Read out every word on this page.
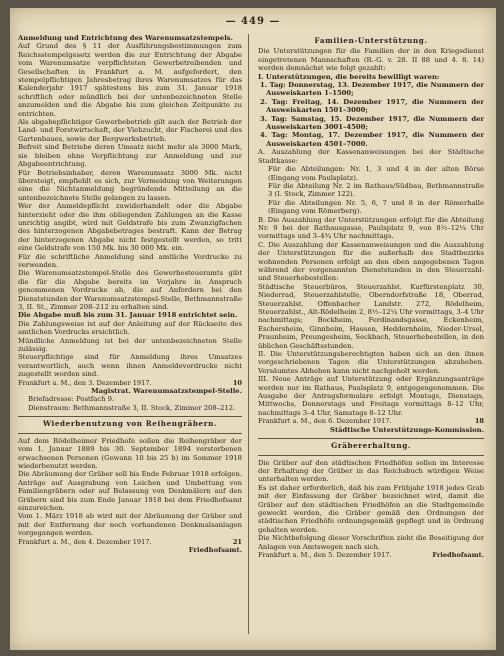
— 449 —

Anmeldung und Entrichtung des Warenumsatzstempels.

Auf Grund des § 11 der Ausführungsbestimmungen zum Reichsstempelgesetz werden die zur Entrichtung der Abgabe vom Warenumsatze verpflichteten Gewerbetreibenden und Gesellschaften in Frankfurt a. M. aufgefordert, den stempelpflichtigen Jahresbetrag ihres Warenumsatzes für das Kalenderjahr 1917 spätestens bis zum 31. Januar 1918 schriftlich oder mündlich bei der untenbezeichneten Stelle anzumelden und die Abgabe bis zum gleichen Zeitpunkte zu entrichten.

Als abgabepflichtiger Gewerbebetrieb gilt auch der Betrieb der Land- und Forstwirtschaft, der Viehzucht, der Fischerei und des Gartenbaues, sowie der Bergwerksbetrieb.

Befreit sind Betriebe deren Umsatz nicht mehr als 3000 Mark, sie bleiben ohne Verpflichtung zur Anmeldung und zur Abgabeentrichtung.

Für Betriebsinhaber, deren Warenumsatz 3000 Mk. nicht übersteigt, empfiehlt es sich, zur Vermeidung von Weiterungen eine die Nichtanmeldung begründende Mitteilung an die untenbezeichnete Stelle gelangen zu lassen.

Wer der Anmeldepflicht zuwiderhandelt oder die Abgabe hinterzieht oder die ihm obliegenden Zahlungen an die Kasse unrichtig angibt, wird mit Geldstrafe bis zum Zwanzigfachen des hinterzogenen Abgabebetrages bestraft. Kann der Betrag der hinterzogenen Abgabe nicht festgestellt werden, so tritt eine Geldstrafe von 150 Mk. bis 30 000 Mk. ein.

Für die schriftliche Anmeldung sind amtliche Vordrucke zu verwenden.

Die Warenumsatzstempel-Stelle des Gewerbesteueramts gibt die für die Abgabe bereits im Vorjahre in Anspruch genommenen Vordrucke ab, die auf Anfordern bei den Dienststunden der Warenumsatzstempel-Stelle, Bethmannstraße 3, II. St., Zimmer 208–212 zu erhalten sind.

Die Abgabe muß bis zum 31. Januar 1918 entrichtet sein.

Die Zahlungsweise ist auf der Anleitung auf der Rückseite des amtlichen Vordrucks ersichtlich.

Mündliche Anmeldung ist bei der untenbezeichneten Stelle zulässig.

Steuerpflichtige sind für Anmeldung ihres Umsatzes verantwortlich, auch wenn ihnen Anmeldevordrucke nicht zugestellt worden sind.

Frankfurt a. M., den 3. Dezember 1917.	10

Magistrat. Warenumsatzstempel-Stelle.

Briefadresse: Postfach 9.

Dienstraum: Bethmannstraße 3, II. Stock, Zimmer 208–212.

Wiederbenutzung von Reihengräbern.

Auf dem Rödelheimer Friedhofe sollen die Reihengräber der vom 1. Januar 1889 bis 30. September 1894 verstorbenen erwachsenen Personen (Gewann 10 bis 25 b) im Sommer 1918 wiederbenutzt werden.

Die Abräumung der Gräber soll bis Ende Februar 1918 erfolgen. Anträge auf Ausgrabung von Leichen und Umbettung von Familiengräbern oder auf Belassung von Denkmälern auf den Gräbern sind bis zum Ende Januar 1918 bei dem Friedhofsamt einzureichen.

Vom 1. März 1918 ab wird mit der Abräumung der Gräber und mit der Entfernung der noch vorhandenen Denkmalsanlagen vorgegangen werden.

Frankfurt a. M., den 4. Dezember 1917.	21

Friedhofsamt.

Familien-Unterstützung.

Die Unterstützungen für die Familien der in den Kriegsdienst eingetretenen Mannschaften (R.-G. v. 28. II 88 und 4. 8. 14) werden demnächst wie folgt gezahlt:

I. Unterstützungen, die bereits bewilligt waren:

1. Tag: Donnerstag, 13. Dezember 1917, die Nummern der Ausweiskarten 1–1500;

2. Tag: Freitag, 14. Dezember 1917, die Nummern der Ausweiskarten 1501–3000;

3. Tag: Samstag, 15. Dezember 1917, die Nummern der Ausweiskarten 3001–4500;

4. Tag: Montag, 17. Dezember 1917, die Nummern der Ausweiskarten 4501–7000.

A. Auszahlung der Kassenanweisungen bei der Städtische Stadtkasse:

Für die Abteilungen: Nr. 1, 3 und 4 in der alten Börse (Eingang vom Paulsplatz).

Für die Abteilung Nr. 2 im Rathaus/Südbau, Bethmannstraße 3 (I. Stock, Zimmer 122).

Für die Abteilungen Nr. 5, 6, 7 und 8 in der Römerhalle (Eingang vom Römerberg).

B. Die Auszahlung der Unterstützungen erfolgt für die Abteilung Nr. 9 bei der Rathausgasse, Paulsplatz 9, von 8½–12¼ Uhr vormittags und 3–4¾ Uhr nachmittags.

C. Die Auszahlung der Kassenanweisungen und die Auszahlung der Unterstützungen für die außerhalb des Stadtbezirks wohnenden Personen erfolgt an den oben angegebenen Tagen während der vorgenannten Dienststunden in den Steuerzahl- und Steuerhebestellen:

Städtische Steuerbüros, Steuerzahlst. Kurfürstenplatz 30, Niederrad, Steuerzahlstelle, Oberndorfstraße 18, Oberrad, Steuerzahlst. Offenbacher Landstr. 272, Rödelheim, Steuerzahlst., Alt-Rödelheim 2, 8½–12¼ Uhr vormittags, 3–4 Uhr nachmittags; Bockheim, Ferdinandsgasse, Eckenheim, Eschersheim, Ginnheim, Hausen, Heddernheim, Nieder-Ursel, Praunheim, Preungesheim, Seckbach, Steuerhebestellen, in den üblichen Geschäftsstunden.

II. Die Unterstützungsberechtigten haben sich an den ihnen vorgeschriebenen Tagen die Unterstützungen abzuheben. Versäumtes Abheben kann nicht nachgeholt werden.

III. Neue Anträge auf Unterstützung oder Ergänzungsanträge werden nur im Rathaus, Paulsplatz 9, entgegengenommen. Die Ausgabe der Antragsformulare erfolgt Montags, Dienstags, Mittwochs, Donnerstags und Freitags vormittags 8–12 Uhr, nachmittags 3–4 Uhr, Samstags 8–12 Uhr.

Frankfurt a. M., den 6. Dezember 1917.	18

Städtische Unterstützungs-Kommission.

Gräbererhaltung.

Die Gräber auf den städtischen Friedhöfen sollen im Interesse der Erhaltung der Gräber in das Reichsbuch würdigen Weise unterhalten werden.

Es ist daher erforderlich, daß bis zum Frühjahr 1918 jedes Grab mit der Einfassung der Gräber bezeichnet wird, damit die Gräber auf den städtischen Friedhöfen an die Stadtgemeinde geweckt werden, die Gräber gemäß den Ordnungen der städtischen Friedhöfe ordnungsgemäß gepflegt und in Ordnung gehalten werden.

Die Nichtbefolgung dieser Vorschriften zieht die Beseitigung der Anlagen von Amtswegen nach sich.

Frankfurt a. M., den 5. Dezember 1917.	Friedhofsamt.
